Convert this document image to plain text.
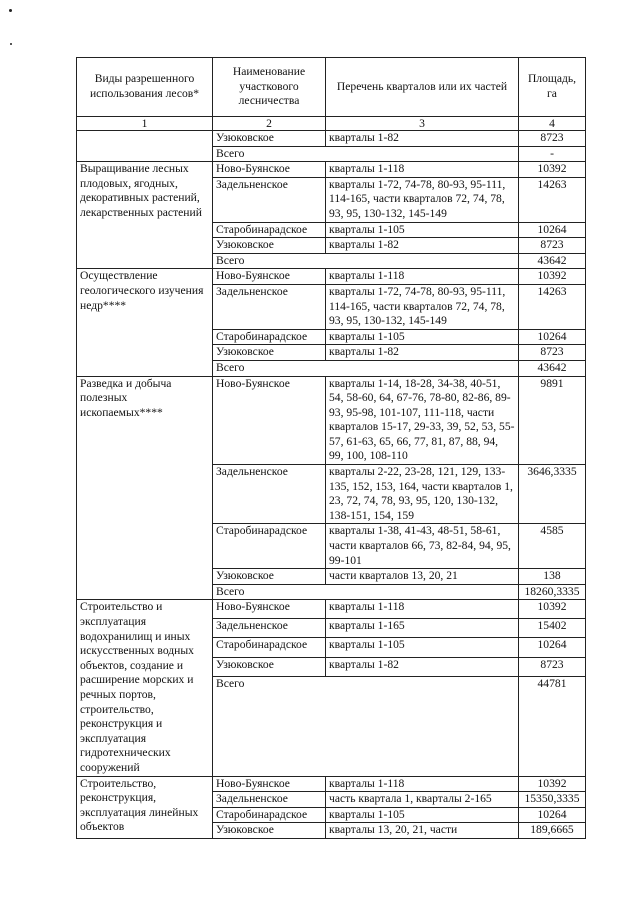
Виды разрешенного использования лесов*	Наименование участкового лесничества	Перечень кварталов или их частей	Площадь, га
1	2	3	4
	Узюковское	кварталы 1-82	8723
	Всего		-
Выращивание лесных плодовых, ягодных, декоративных растений, лекарственных растений	Ново-Буянское	кварталы 1-118	10392
	Задельненское	кварталы 1-72, 74-78, 80-93, 95-111, 114-165, части кварталов 72, 74, 78, 93, 95, 130-132, 145-149	14263
	Старобинарадское	кварталы 1-105	10264
	Узюковское	кварталы 1-82	8723
	Всего		43642
Осуществление геологического изучения недр****	Ново-Буянское	кварталы 1-118	10392
	Задельненское	кварталы 1-72, 74-78, 80-93, 95-111, 114-165, части кварталов 72, 74, 78, 93, 95, 130-132, 145-149	14263
	Старобинарадское	кварталы 1-105	10264
	Узюковское	кварталы 1-82	8723
	Всего		43642
Разведка и добыча полезных ископаемых****	Ново-Буянское	кварталы 1-14, 18-28, 34-38, 40-51, 54, 58-60, 64, 67-76, 78-80, 82-86, 89-93, 95-98, 101-107, 111-118, части кварталов 15-17, 29-33, 39, 52, 53, 55-57, 61-63, 65, 66, 77, 81, 87, 88, 94, 99, 100, 108-110	9891
	Задельненское	кварталы 2-22, 23-28, 121, 129, 133-135, 152, 153, 164, части кварталов 1, 23, 72, 74, 78, 93, 95, 120, 130-132, 138-151, 154, 159	3646,3335
	Старобинарадское	кварталы 1-38, 41-43, 48-51, 58-61, части кварталов 66, 73, 82-84, 94, 95, 99-101	4585
	Узюковское	части кварталов 13, 20, 21	138
	Всего		18260,3335
Строительство и эксплуатация водохранилищ и иных искусственных водных объектов, создание и расширение морских и речных портов, строительство, реконструкция и эксплуатация гидротехнических сооружений	Ново-Буянское	кварталы 1-118	10392
	Задельненское	кварталы 1-165	15402
	Старобинарадское	кварталы 1-105	10264
	Узюковское	кварталы 1-82	8723
	Всего		44781
Строительство, реконструкция, эксплуатация линейных объектов	Ново-Буянское	кварталы 1-118	10392
	Задельненское	часть квартала 1, кварталы 2-165	15350,3335
	Старобинарадское	кварталы 1-105	10264
	Узюковское	кварталы 13, 20, 21, части	189,6665
